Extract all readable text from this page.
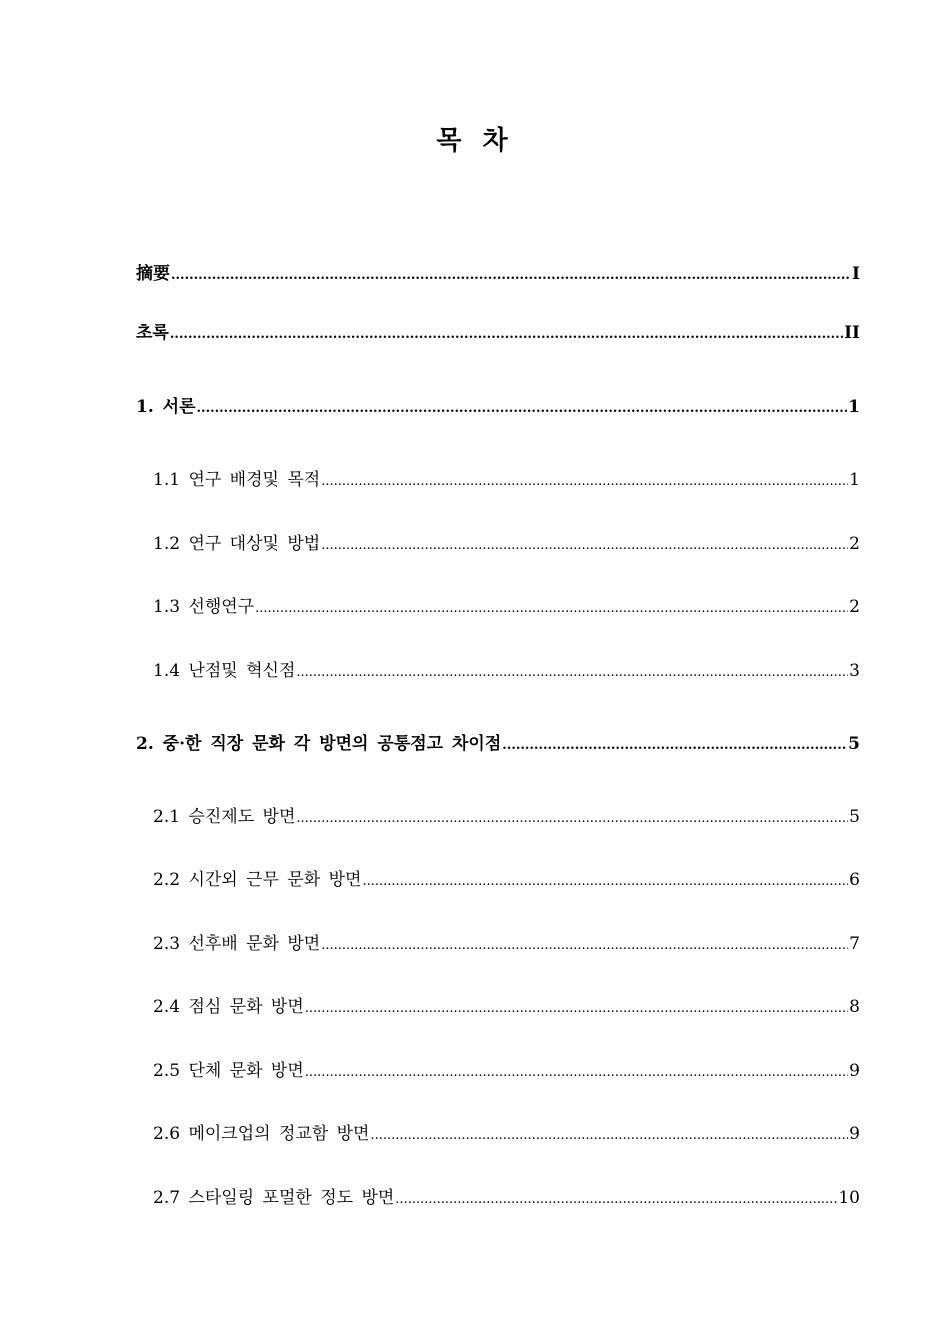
목 차
摘要 .....	I
초록 .....	II
1. 서론 .....	1
1.1 연구 배경및 목적 .....	1
1.2 연구 대상및 방법 .....	2
1.3 선행연구 .....	2
1.4 난점및 혁신점 .....	3
2. 중·한 직장 문화 각 방면의 공통점고 차이점 .....	5
2.1 승진제도 방면 .....	5
2.2 시간외 근무 문화 방면 .....	6
2.3 선후배 문화 방면 .....	7
2.4 점심 문화 방면 .....	8
2.5 단체 문화 방면 .....	9
2.6 메이크업의 정교함 방면 .....	9
2.7 스타일링 포멀한 정도 방면 .....	10
